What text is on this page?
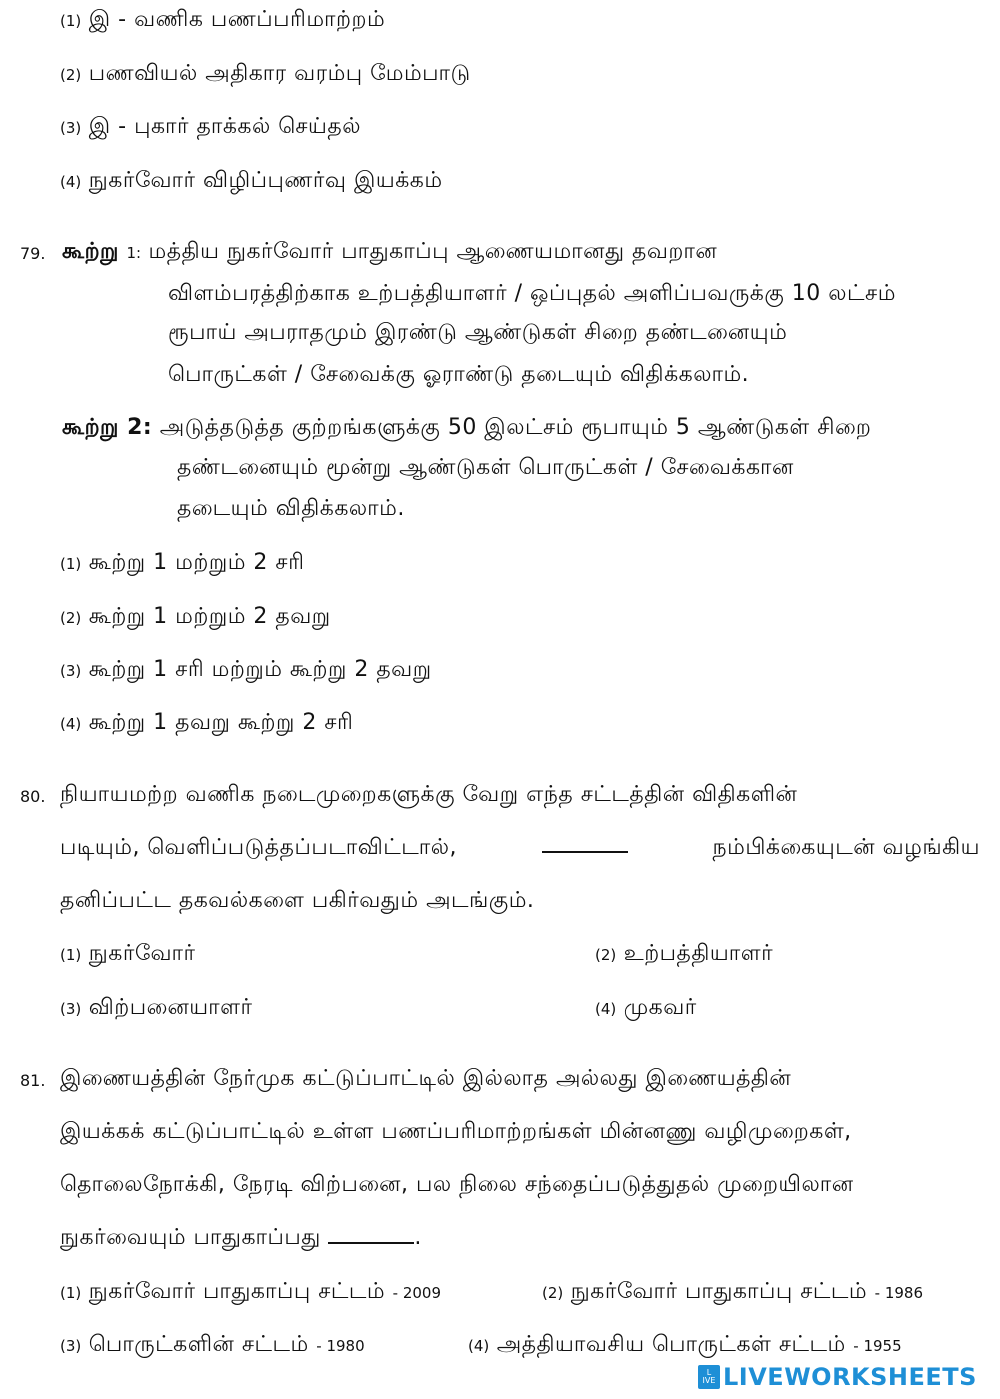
(1) இ - வணிக பணப்பரிமாற்றம்
(2) பணவியல் அதிகார வரம்பு மேம்பாடு
(3) இ - புகார் தாக்கல் செய்தல்
(4) நுகர்வோர் விழிப்புணர்வு இயக்கம்
79. கூற்று 1: மத்திய நுகர்வோர் பாதுகாப்பு ஆணையமானது தவறான
விளம்பரத்திற்காக உற்பத்தியாளர் / ஒப்புதல் அளிப்பவருக்கு 10 லட்சம்
ரூபாய் அபராதமும் இரண்டு ஆண்டுகள் சிறை தண்டனையும்
பொருட்கள் / சேவைக்கு ஓராண்டு தடையும் விதிக்கலாம்.
கூற்று 2: அடுத்தடுத்த குற்றங்களுக்கு 50 இலட்சம் ரூபாயும் 5 ஆண்டுகள் சிறை
தண்டனையும் மூன்று ஆண்டுகள் பொருட்கள் / சேவைக்கான
தடையும் விதிக்கலாம்.
(1) கூற்று 1 மற்றும் 2 சரி
(2) கூற்று 1 மற்றும் 2 தவறு
(3) கூற்று 1 சரி மற்றும் கூற்று 2 தவறு
(4) கூற்று 1 தவறு கூற்று 2 சரி
80. நியாயமற்ற வணிக நடைமுறைகளுக்கு வேறு எந்த சட்டத்தின் விதிகளின்
படியும், வெளிப்படுத்தப்படாவிட்டால்,	நம்பிக்கையுடன் வழங்கிய
தனிப்பட்ட தகவல்களை பகிர்வதும் அடங்கும்.
(1) நுகர்வோர்	(2) உற்பத்தியாளர்
(3) விற்பனையாளர்	(4) முகவர்
81. இணையத்தின் நேர்முக கட்டுப்பாட்டில் இல்லாத அல்லது இணையத்தின்
இயக்கக் கட்டுப்பாட்டில் உள்ள பணப்பரிமாற்றங்கள் மின்னணு வழிமுறைகள்,
தொலைநோக்கி, நேரடி விற்பனை, பல நிலை சந்தைப்படுத்துதல் முறையிலான
நுகர்வையும் பாதுகாப்பது	.
(1) நுகர்வோர் பாதுகாப்பு சட்டம் - 2009	(2) நுகர்வோர் பாதுகாப்பு சட்டம் - 1986
(3) பொருட்களின் சட்டம் - 1980	(4) அத்தியாவசிய பொருட்கள் சட்டம் - 1955
L
IVE LIVEWORKSHEETS
